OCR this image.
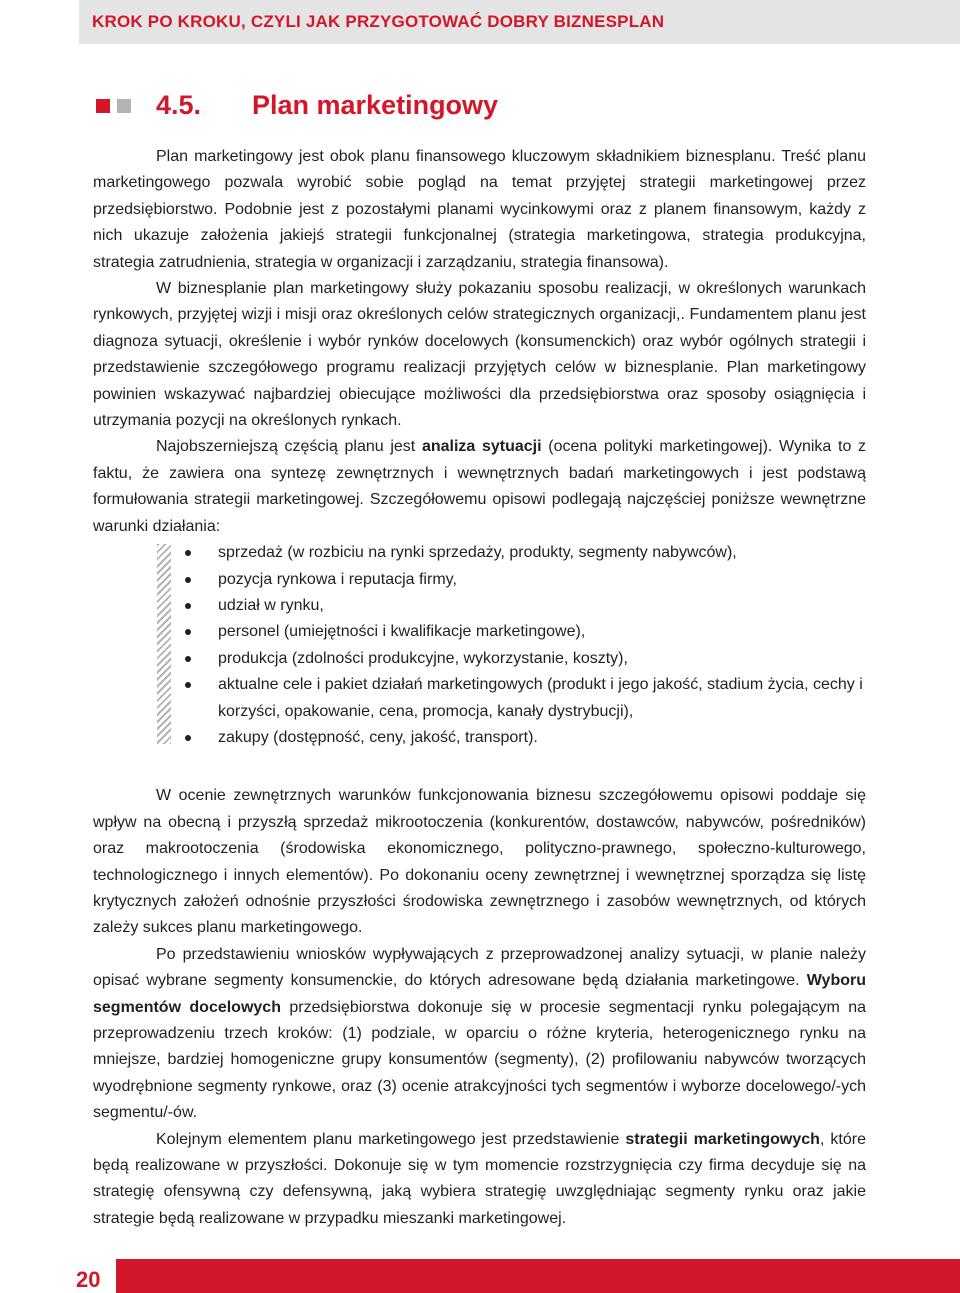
KROK PO KROKU, CZYLI JAK PRZYGOTOWAĆ DOBRY BIZNESPLAN
4.5. Plan marketingowy

Plan marketingowy jest obok planu finansowego kluczowym składnikiem biznesplanu. Treść planu marketingowego pozwala wyrobić sobie pogląd na temat przyjętej strategii marketingowej przez przedsiębiorstwo. Podobnie jest z pozostałymi planami wycinkowymi oraz z planem finansowym, każdy z nich ukazuje założenia jakiejś strategii funkcjonalnej (strategia marketingowa, strategia produkcyjna, strategia zatrudnienia, strategia w organizacji i zarządzaniu, strategia finansowa).

W biznesplanie plan marketingowy służy pokazaniu sposobu realizacji, w określonych warunkach rynkowych, przyjętej wizji i misji oraz określonych celów strategicznych organizacji,. Fundamentem planu jest diagnoza sytuacji, określenie i wybór rynków docelowych (konsumenckich) oraz wybór ogólnych strategii i przedstawienie szczegółowego programu realizacji przyjętych celów w biznesplanie. Plan marketingowy powinien wskazywać najbardziej obiecujące możliwości dla przedsiębiorstwa oraz sposoby osiągnięcia i utrzymania pozycji na określonych rynkach.

Najobszerniejszą częścią planu jest analiza sytuacji (ocena polityki marketingowej). Wynika to z faktu, że zawiera ona syntezę zewnętrznych i wewnętrznych badań marketingowych i jest podstawą formułowania strategii marketingowej. Szczegółowemu opisowi podlegają najczęściej poniższe wewnętrzne warunki działania:

sprzedaż (w rozbiciu na rynki sprzedaży, produkty, segmenty nabywców),
pozycja rynkowa i reputacja firmy,
udział w rynku,
personel (umiejętności i kwalifikacje marketingowe),
produkcja (zdolności produkcyjne, wykorzystanie, koszty),
aktualne cele i pakiet działań marketingowych (produkt i jego jakość, stadium życia, cechy i korzyści, opakowanie, cena, promocja, kanały dystrybucji),
zakupy (dostępność, ceny, jakość, transport).

W ocenie zewnętrznych warunków funkcjonowania biznesu szczegółowemu opisowi poddaje się wpływ na obecną i przyszłą sprzedaż mikrootoczenia (konkurentów, dostawców, nabywców, pośredników) oraz makrootoczenia (środowiska ekonomicznego, polityczno-prawnego, społeczno-kulturowego, technologicznego i innych elementów). Po dokonaniu oceny zewnętrznej i wewnętrznej sporządza się listę krytycznych założeń odnośnie przyszłości środowiska zewnętrznego i zasobów wewnętrznych, od których zależy sukces planu marketingowego.

Po przedstawieniu wniosków wypływających z przeprowadzonej analizy sytuacji, w planie należy opisać wybrane segmenty konsumenckie, do których adresowane będą działania marketingowe. Wyboru segmentów docelowych przedsiębiorstwa dokonuje się w procesie segmentacji rynku polegającym na przeprowadzeniu trzech kroków: (1) podziale, w oparciu o różne kryteria, heterogenicznego rynku na mniejsze, bardziej homogeniczne grupy konsumentów (segmenty), (2) profilowaniu nabywców tworzących wyodrębnione segmenty rynkowe, oraz (3) ocenie atrakcyjności tych segmentów i wyborze docelowego/-ych segmentu/-ów.

Kolejnym elementem planu marketingowego jest przedstawienie strategii marketingowych, które będą realizowane w przyszłości. Dokonuje się w tym momencie rozstrzygnięcia czy firma decyduje się na strategię ofensywną czy defensywną, jaką wybiera strategię uwzględniając segmenty rynku oraz jakie strategie będą realizowane w przypadku mieszanki marketingowej.

20
